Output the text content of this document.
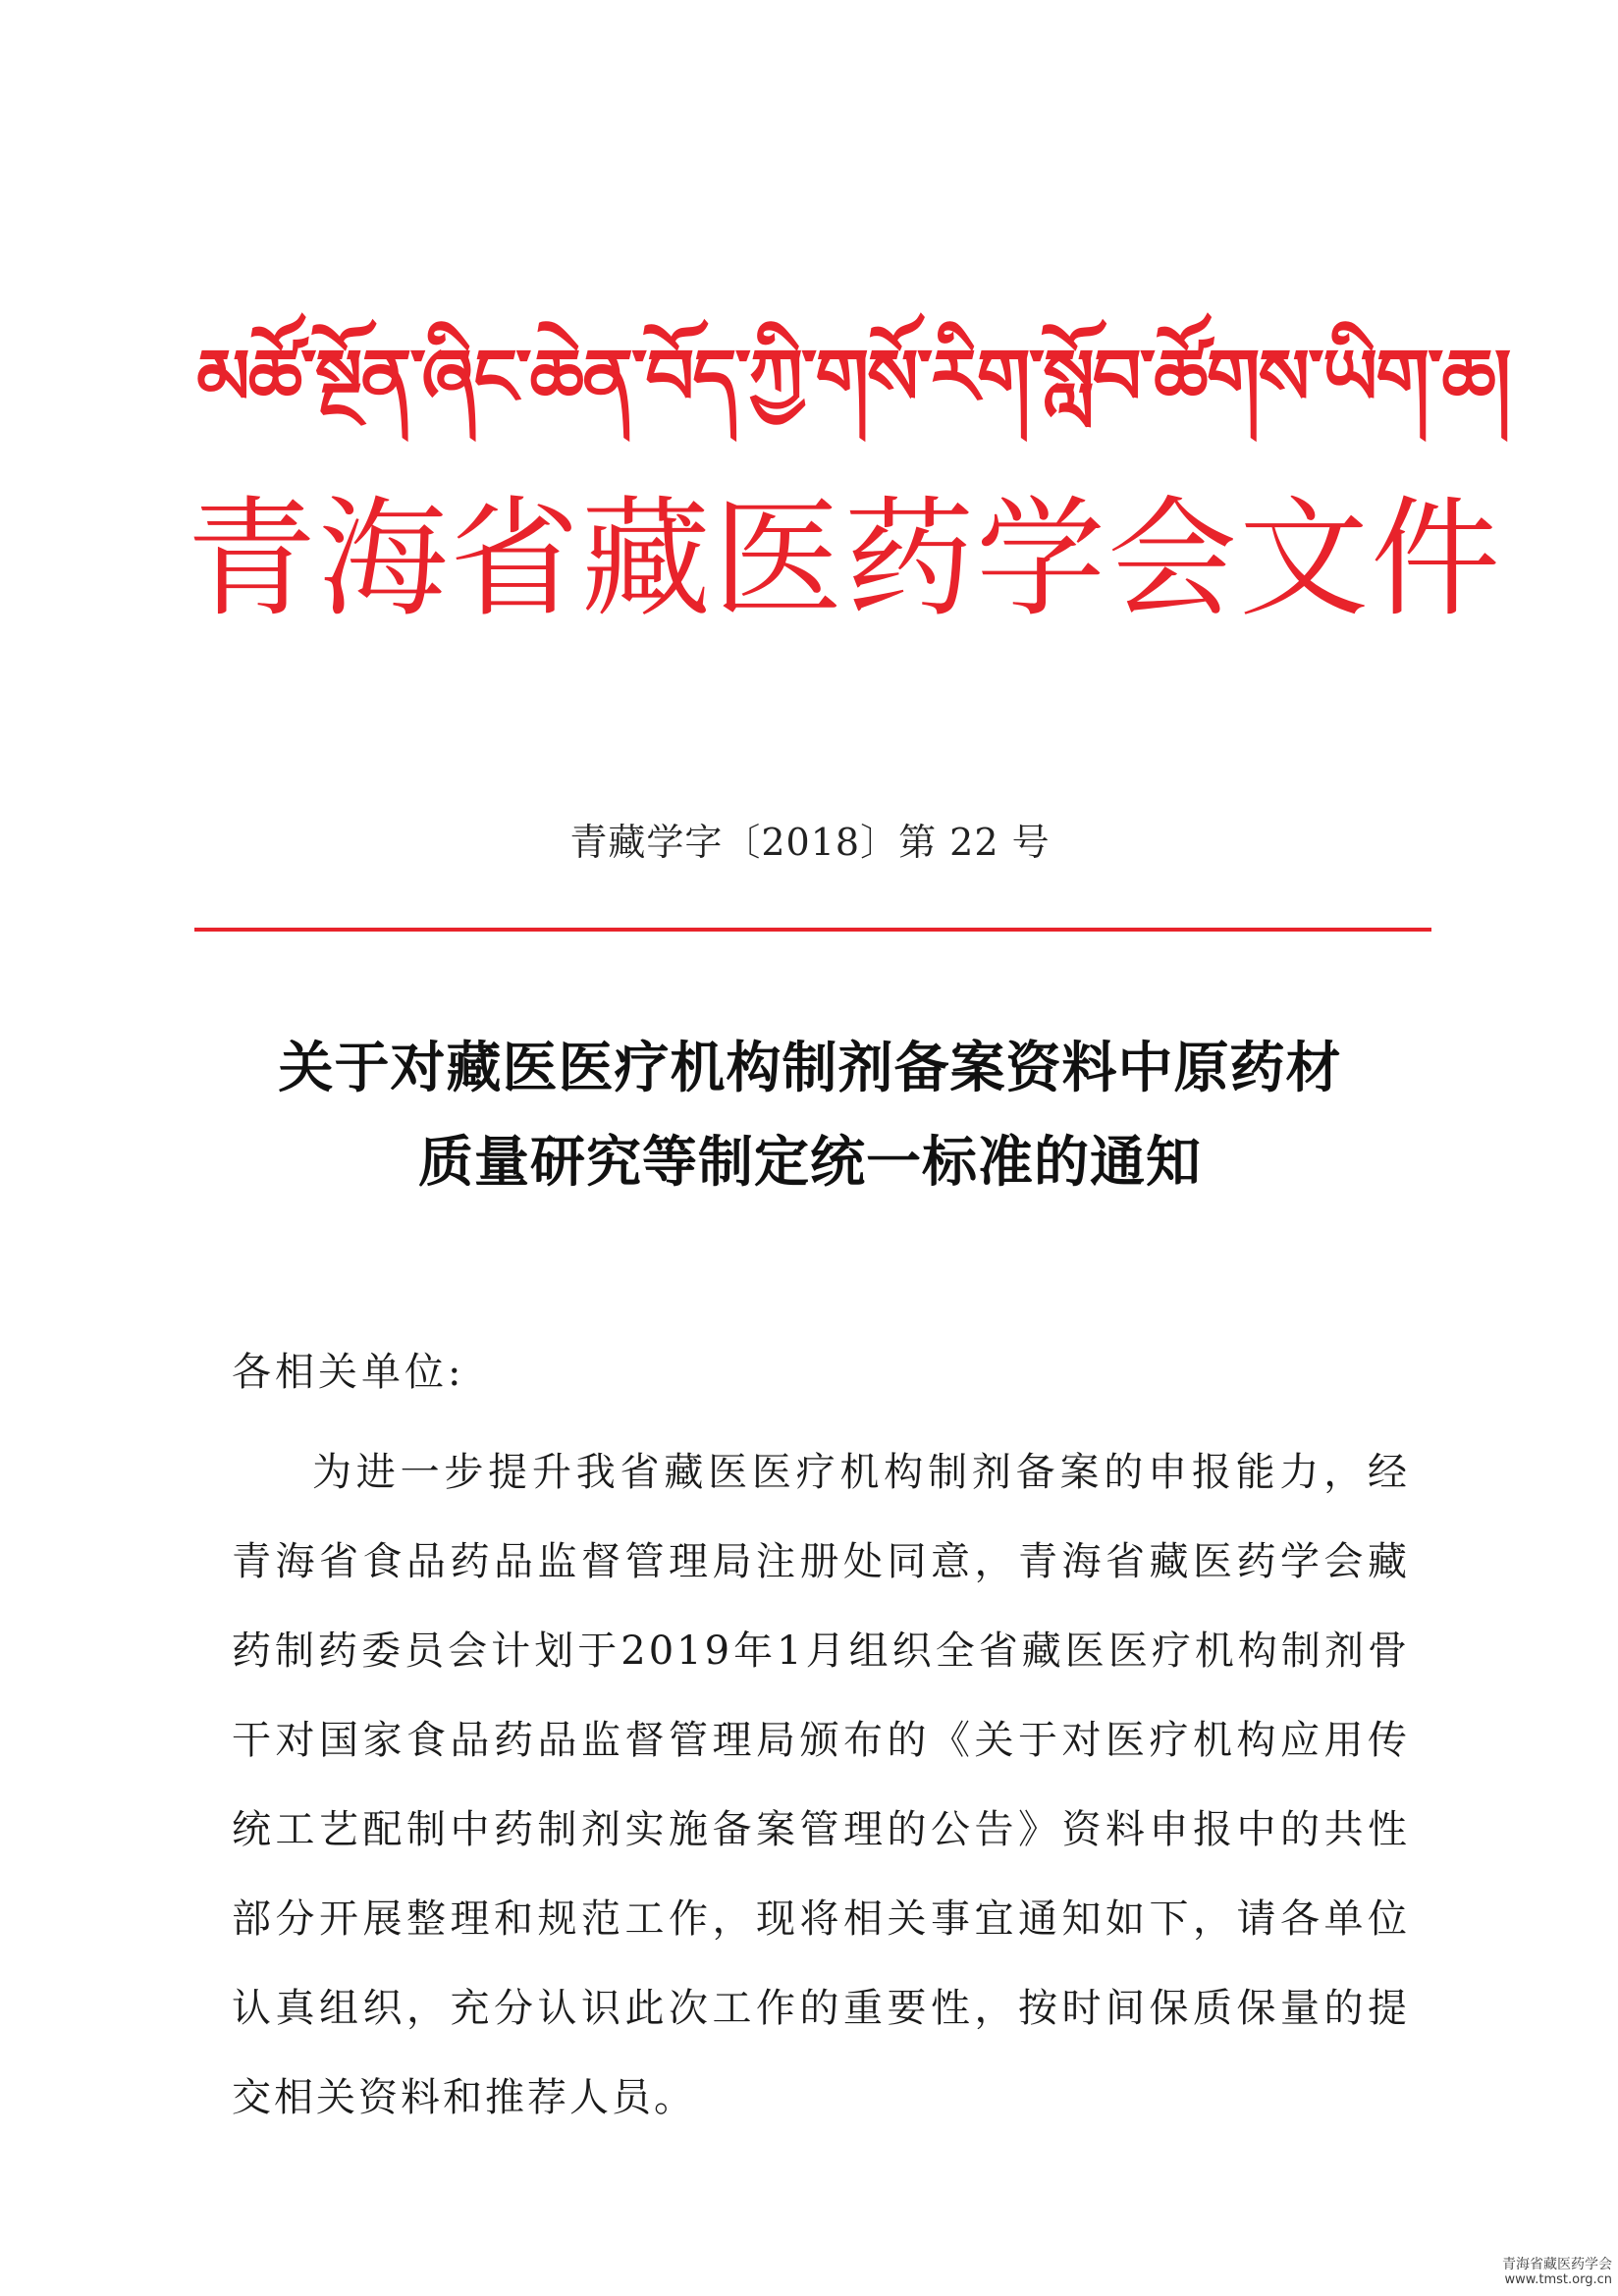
མཚོ་སྔོན་ཞིང་ཆེན་བོད་ཀྱི་གསོ་རིག་སློབ་ཚོགས་ཡིག་ཆ།
青海省藏医药学会文件
青藏学字〔2018〕第 22 号
关于对藏医医疗机构制剂备案资料中原药材
质量研究等制定统一标准的通知
各相关单位:
为进一步提升我省藏医医疗机构制剂备案的申报能力，经
青海省食品药品监督管理局注册处同意，青海省藏医药学会藏
药制药委员会计划于2019年1月组织全省藏医医疗机构制剂骨
干对国家食品药品监督管理局颁布的《关于对医疗机构应用传
统工艺配制中药制剂实施备案管理的公告》资料申报中的共性
部分开展整理和规范工作，现将相关事宜通知如下，请各单位
认真组织，充分认识此次工作的重要性，按时间保质保量的提
交相关资料和推荐人员。
青海省藏医药学会
www.tmst.org.cn
